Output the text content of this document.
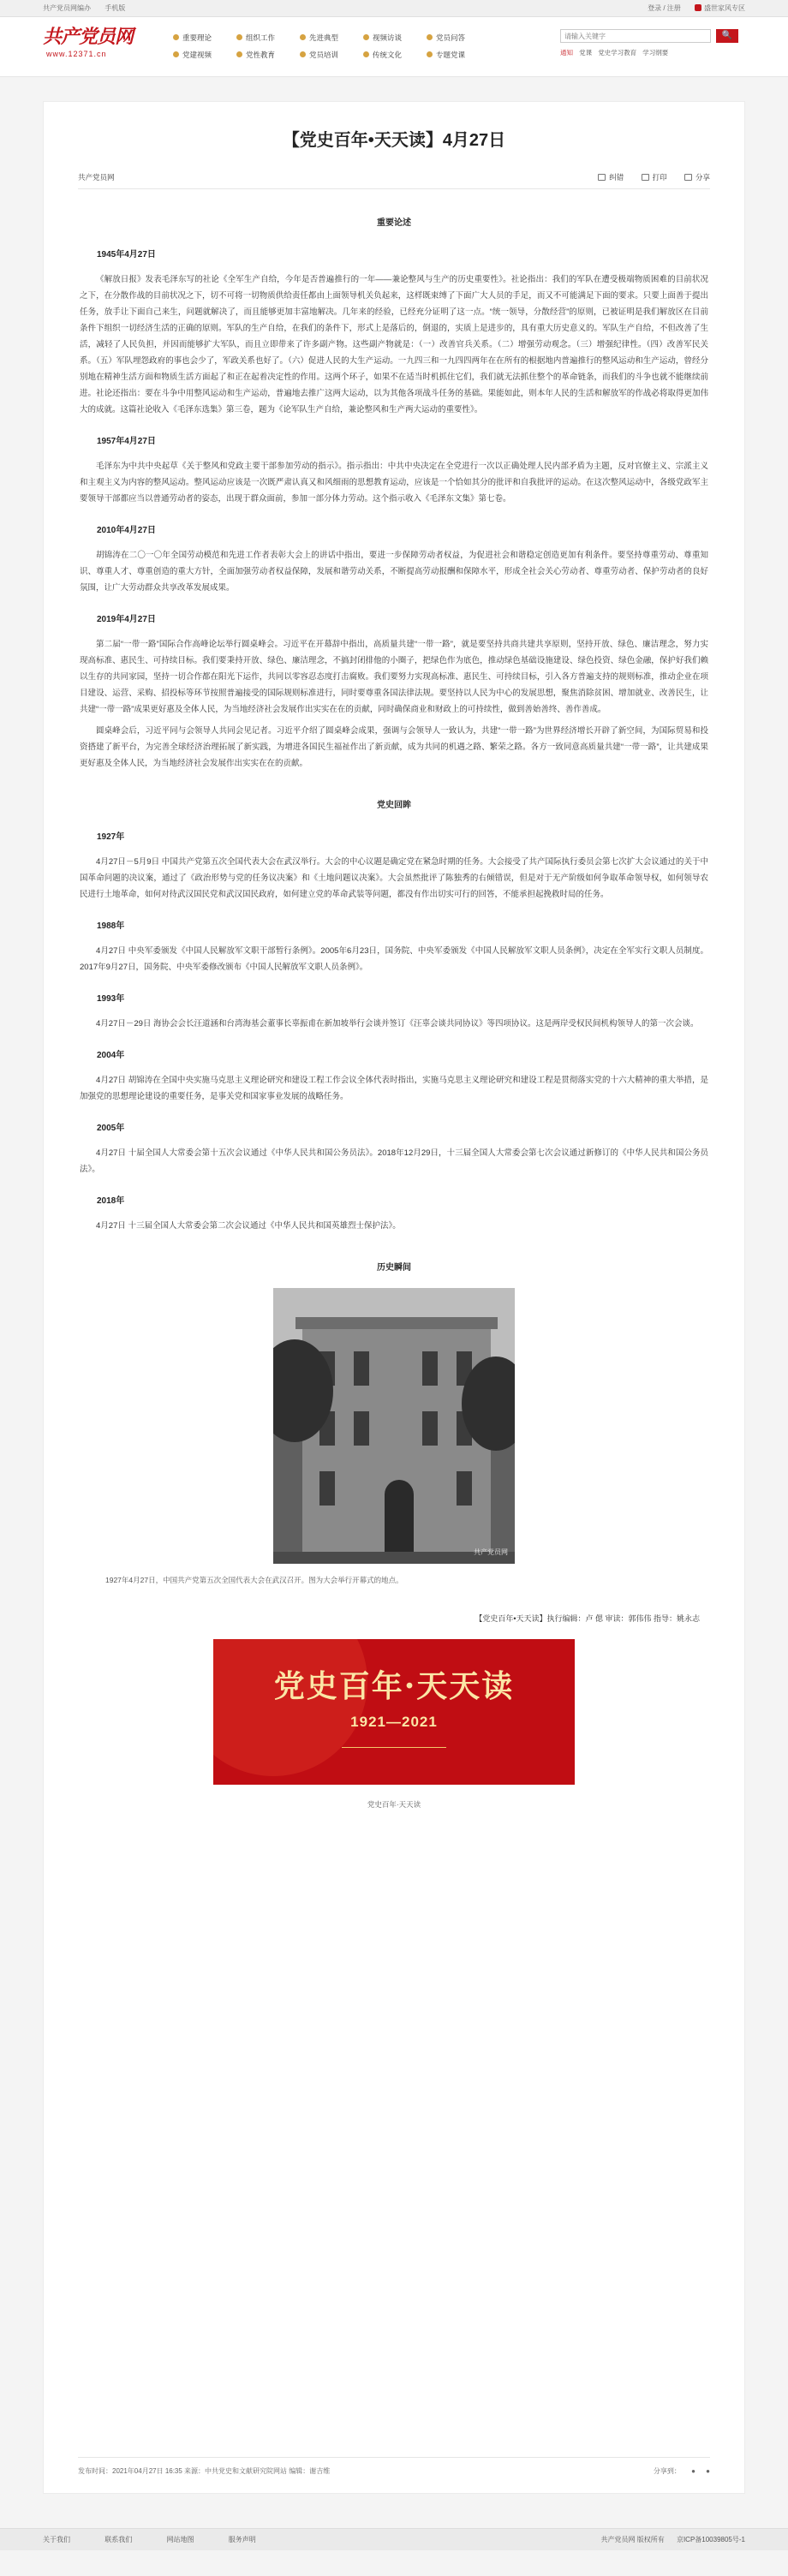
共产党员网编办 手机版	登录 / 注册	盛世家风专区
共产党员网
www.12371.cn
重要理论	组织工作	先进典型	视频访谈	党员问答
党建视频	党性教育	党员培训	传统文化	专题党课
请输入关键字
🔍
通知 党课 党史学习教育 学习纲要
【党史百年•天天读】4月27日
共产党员网	纠错	打印	分享
重要论述
1945年4月27日

《解放日报》发表毛泽东写的社论《全军生产自给，今年是否普遍推行的一年——兼论整风与生产的历史重要性》。社论指出：我们的军队在遭受极端物质困难的目前状况之下，在分散作战的目前状况之下，切不可将一切物质供给责任都由上面领导机关负起来，这样既束缚了下面广大人员的手足，而又不可能满足下面的要求。只要上面善于提出任务，放手让下面自己来生，问题就解决了，而且能够更加丰富地解决。几年来的经验，已经充分证明了这一点。“统一领导，分散经营”的原则，已被证明是我们解放区在目前条件下组织一切经济生活的正确的原则。军队的生产自给，在我们的条件下，形式上是落后的，倒退的，实质上是进步的，具有重大历史意义的。军队生产自给，不但改善了生活，减轻了人民负担，并因而能够扩大军队，而且立即带来了许多副产物。这些副产物就是：（一）改善官兵关系。（二）增强劳动观念。（三）增强纪律性。（四）改善军民关系。（五）军队埋怨政府的事也会少了，军政关系也好了。（六）促进人民的大生产运动。一九四三和一九四四两年在在所有的根据地内普遍推行的整风运动和生产运动，曾经分别地在精神生活方面和物质生活方面起了和正在起着决定性的作用。这两个环子，如果不在适当时机抓住它们，我们就无法抓住整个的革命链条，而我们的斗争也就不能继续前进。社论还指出：要在斗争中用整风运动和生产运动，普遍地去推广这两大运动，以为其他各项战斗任务的基础。果能如此，则本年人民的生活和解放军的作战必将取得更加伟大的成就。这篇社论收入《毛泽东选集》第三卷，题为《论军队生产自给，兼论整风和生产两大运动的重要性》。

1957年4月27日

毛泽东为中共中央起草《关于整风和党政主要干部参加劳动的指示》。指示指出：中共中央决定在全党进行一次以正确处理人民内部矛盾为主题，反对官僚主义、宗派主义和主观主义为内容的整风运动。整风运动应该是一次既严肃认真又和风细雨的思想教育运动，应该是一个恰如其分的批评和自我批评的运动。在这次整风运动中，各级党政军主要领导干部都应当以普通劳动者的姿态，出现于群众面前，参加一部分体力劳动。这个指示收入《毛泽东文集》第七卷。

2010年4月27日

胡锦涛在二〇一〇年全国劳动模范和先进工作者表彰大会上的讲话中指出，要进一步保障劳动者权益，为促进社会和谐稳定创造更加有利条件。要坚持尊重劳动、尊重知识、尊重人才、尊重创造的重大方针，全面加强劳动者权益保障，发展和谐劳动关系，不断提高劳动报酬和保障水平，形成全社会关心劳动者、尊重劳动者、保护劳动者的良好氛围，让广大劳动群众共享改革发展成果。

2019年4月27日

第二届“一带一路”国际合作高峰论坛举行圆桌峰会。习近平在开幕辞中指出，高质量共建“一带一路”，就是要坚持共商共建共享原则，坚持开放、绿色、廉洁理念，努力实现高标准、惠民生、可持续目标。我们要秉持开放、绿色、廉洁理念，不搞封闭排他的小圈子，把绿色作为底色，推动绿色基础设施建设、绿色投资、绿色金融，保护好我们赖以生存的共同家园，坚持一切合作都在阳光下运作，共同以零容忍态度打击腐败。我们要努力实现高标准、惠民生、可持续目标，引入各方普遍支持的规则标准，推动企业在项目建设、运营、采购、招投标等环节按照普遍接受的国际规则标准进行，同时要尊重各国法律法规。要坚持以人民为中心的发展思想，聚焦消除贫困、增加就业、改善民生，让共建“一带一路”成果更好惠及全体人民，为当地经济社会发展作出实实在在的贡献，同时确保商业和财政上的可持续性，做到善始善终、善作善成。

圆桌峰会后，习近平同与会领导人共同会见记者。习近平介绍了圆桌峰会成果，强调与会领导人一致认为，共建“一带一路”为世界经济增长开辟了新空间，为国际贸易和投资搭建了新平台，为完善全球经济治理拓展了新实践，为增进各国民生福祉作出了新贡献，成为共同的机遇之路、繁荣之路。各方一致同意高质量共建“一带一路”，让共建成果更好惠及全体人民，为当地经济社会发展作出实实在在的贡献。

党史回眸
1927年

4月27日－5月9日 中国共产党第五次全国代表大会在武汉举行。大会的中心议题是确定党在紧急时期的任务。大会接受了共产国际执行委员会第七次扩大会议通过的关于中国革命问题的决议案，通过了《政治形势与党的任务议决案》和《土地问题议决案》。大会虽然批评了陈独秀的右倾错误，但是对于无产阶级如何争取革命领导权，如何领导农民进行土地革命，如何对待武汉国民党和武汉国民政府，如何建立党的革命武装等问题，都没有作出切实可行的回答，不能承担起挽救时局的任务。

1988年

4月27日 中央军委颁发《中国人民解放军文职干部暂行条例》。2005年6月23日，国务院、中央军委颁发《中国人民解放军文职人员条例》，决定在全军实行文职人员制度。2017年9月27日，国务院、中央军委修改颁布《中国人民解放军文职人员条例》。

1993年

4月27日－29日 海协会会长汪道涵和台湾海基会董事长辜振甫在新加坡举行会谈并签订《汪辜会谈共同协议》等四项协议。这是两岸受权民间机构领导人的第一次会谈。

2004年

4月27日 胡锦涛在全国中央实施马克思主义理论研究和建设工程工作会议全体代表时指出，实施马克思主义理论研究和建设工程是贯彻落实党的十六大精神的重大举措，是加强党的思想理论建设的重要任务，是事关党和国家事业发展的战略任务。

2005年

4月27日 十届全国人大常委会第十五次会议通过《中华人民共和国公务员法》。2018年12月29日，十三届全国人大常委会第七次会议通过新修订的《中华人民共和国公务员法》。

2018年

4月27日 十三届全国人大常委会第二次会议通过《中华人民共和国英雄烈士保护法》。

历史瞬间
共产党员网
1927年4月27日，中国共产党第五次全国代表大会在武汉召开。图为大会举行开幕式的地点。
【党史百年•天天读】执行编辑：卢 偲 审读：郭伟伟 指导：姚永志
党史百年·天天读
1921—2021
党史百年·天天读
发布时间：2021年04月27日 16:35 来源：中共党史和文献研究院网站 编辑：谢吉维	分享到： ● ●
关于我们	联系我们	网站地图	服务声明	共产党员网 版权所有 京ICP备10039805号-1
